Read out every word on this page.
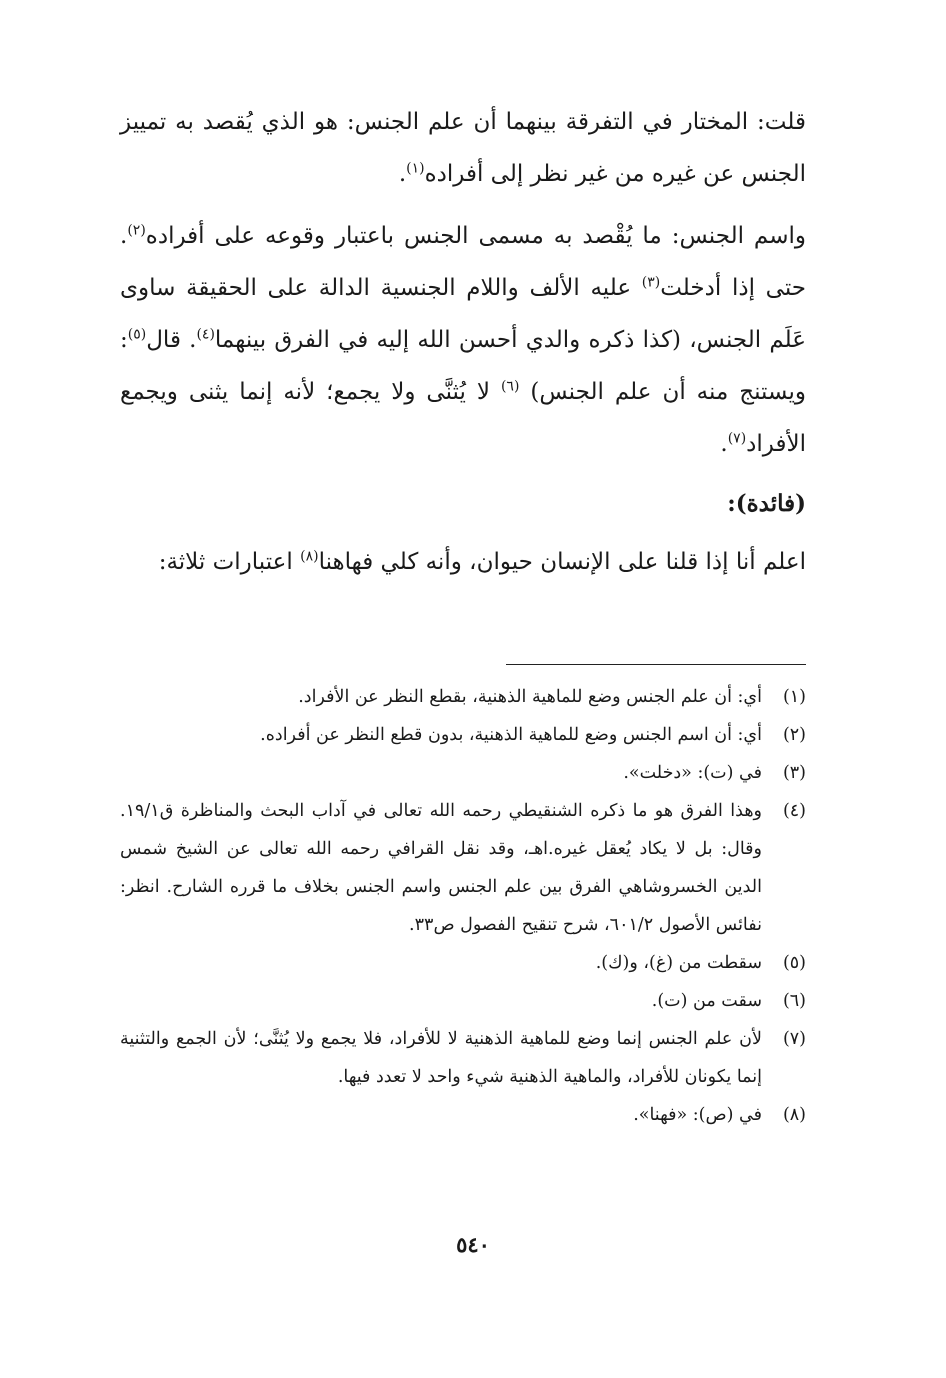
قلت: المختار في التفرقة بينهما أن علم الجنس: هو الذي يُقصد به تمييز الجنس عن غيره من غير نظر إلى أفراده$^{(١)}$.

واسم الجنس: ما يُقْصد به مسمى الجنس باعتبار وقوعه على أفراده$^{(٢)}$. حتى إذا أدخلت$^{(٣)}$ عليه الألف واللام الجنسية الدالة على الحقيقة ساوى عَلَم الجنس، (كذا ذكره والدي أحسن الله إليه في الفرق بينهما$^{(٤)}$. قال$^{(٥)}$: ويستنج منه أن علم الجنس) $^{(٦)}$ لا يُثنَّى ولا يجمع؛ لأنه إنما يثنى ويجمع الأفراد$^{(٧)}$.

(فائدة):

اعلم أنا إذا قلنا على الإنسان حيوان، وأنه كلي فهاهنا$^{(٨)}$ اعتبارات ثلاثة:

(١)
أي: أن علم الجنس وضع للماهية الذهنية، بقطع النظر عن الأفراد.
(٢)
أي: أن اسم الجنس وضع للماهية الذهنية، بدون قطع النظر عن أفراده.
(٣)
في (ت): «دخلت».
(٤)
وهذا الفرق هو ما ذكره الشنقيطي رحمه الله تعالى في آداب البحث والمناظرة ق١٩/١. وقال: بل لا يكاد يُعقل غيره.اهـ، وقد نقل القرافي رحمه الله تعالى عن الشيخ شمس الدين الخسروشاهي الفرق بين علم الجنس واسم الجنس بخلاف ما قرره الشارح. انظر: نفائس الأصول ٦٠١/٢، شرح تنقيح الفصول ص٣٣.
(٥)
سقطت من (غ)، و(ك).
(٦)
سقت من (ت).
(٧)
لأن علم الجنس إنما وضع للماهية الذهنية لا للأفراد، فلا يجمع ولا يُثنَّى؛ لأن الجمع والتثنية إنما يكونان للأفراد، والماهية الذهنية شيء واحد لا تعدد فيها.
(٨)
في (ص): «فهنا».
٥٤٠
